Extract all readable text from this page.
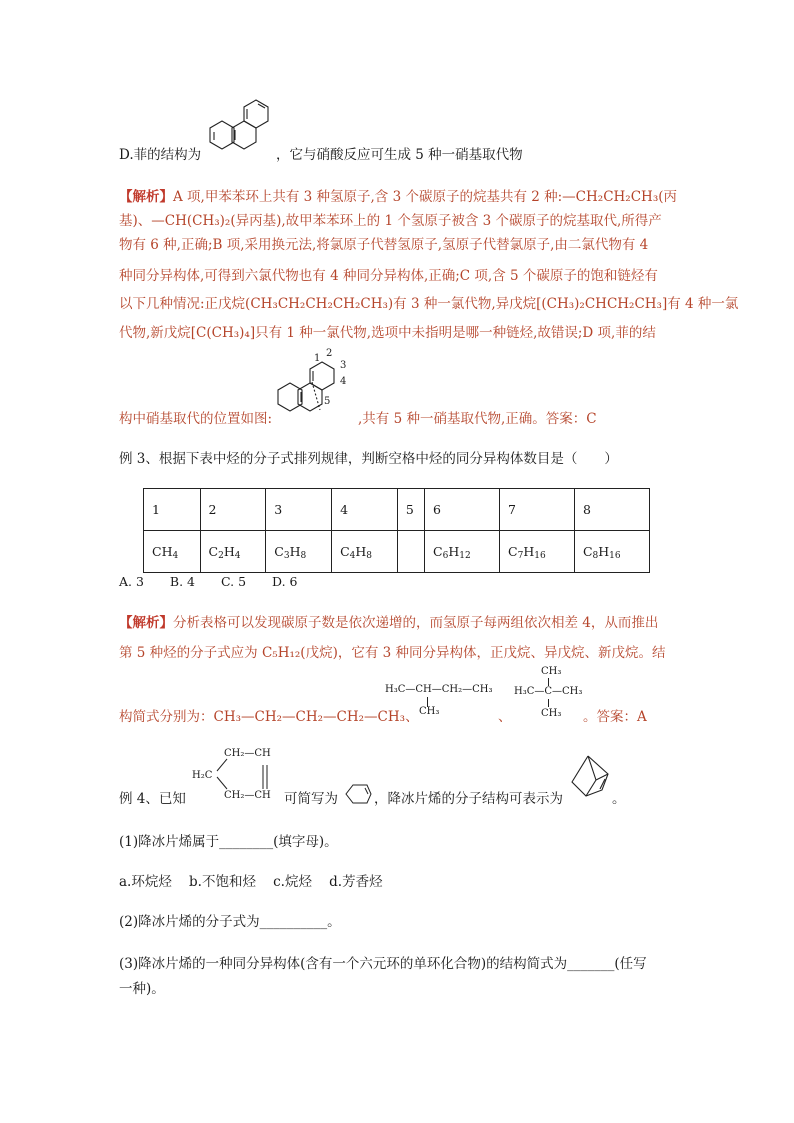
D.菲的结构为	，它与硝酸反应可生成 5 种一硝基取代物
【解析】A 项,甲苯苯环上共有 3 种氢原子,含 3 个碳原子的烷基共有 2 种:—CH₂CH₂CH₃(丙
基)、—CH(CH₃)₂(异丙基),故甲苯苯环上的 1 个氢原子被含 3 个碳原子的烷基取代,所得产
物有 6 种,正确;B 项,采用换元法,将氯原子代替氢原子,氢原子代替氯原子,由二氯代物有 4
种同分异构体,可得到六氯代物也有 4 种同分异构体,正确;C 项,含 5 个碳原子的饱和链烃有
以下几种情况:正戊烷(CH₃CH₂CH₂CH₂CH₃)有 3 种一氯代物,异戊烷[(CH₃)₂CHCH₂CH₃]有 4 种一氯
代物,新戊烷[C(CH₃)₄]只有 1 种一氯代物,选项中未指明是哪一种链烃,故错误;D 项,菲的结
构中硝基取代的位置如图:
1 2
3
4
5
,共有 5 种一硝基取代物,正确。答案：C
例 3、根据下表中烃的分子式排列规律，判断空格中烃的同分异构体数目是（　　）
1	2	3	4	5	6	7	8
$CH_4$	$C_2H_4$	$C_3H_8$	$C_4H_8$		$C_6H_{12}$	$C_7H_{16}$	$C_8H_{16}$
A. 3 B. 4 C. 5 D. 6
【解析】分析表格可以发现碳原子数是依次递增的，而氢原子每两组依次相差 4，从而推出
第 5 种烃的分子式应为 C₅H₁₂(戊烷)，它有 3 种同分异构体，正戊烷、异戊烷、新戊烷。结
H₃C—CH—CH₂—CH₃
CH₃
CH₃
H₃C—C—CH₃
CH₃
构简式分别为：CH₃—CH₂—CH₂—CH₂—CH₃、	、	。答案：A
例 4、已知
CH₂—CH
H₂C
CH₂—CH 可简写为	，降冰片烯的分子结构可表示为	。
(1)降冰片烯属于________(填字母)。
a.环烷烃 b.不饱和烃 c.烷烃 d.芳香烃
(2)降冰片烯的分子式为__________。
(3)降冰片烯的一种同分异构体(含有一个六元环的单环化合物)的结构简式为_______(任写
一种)。
